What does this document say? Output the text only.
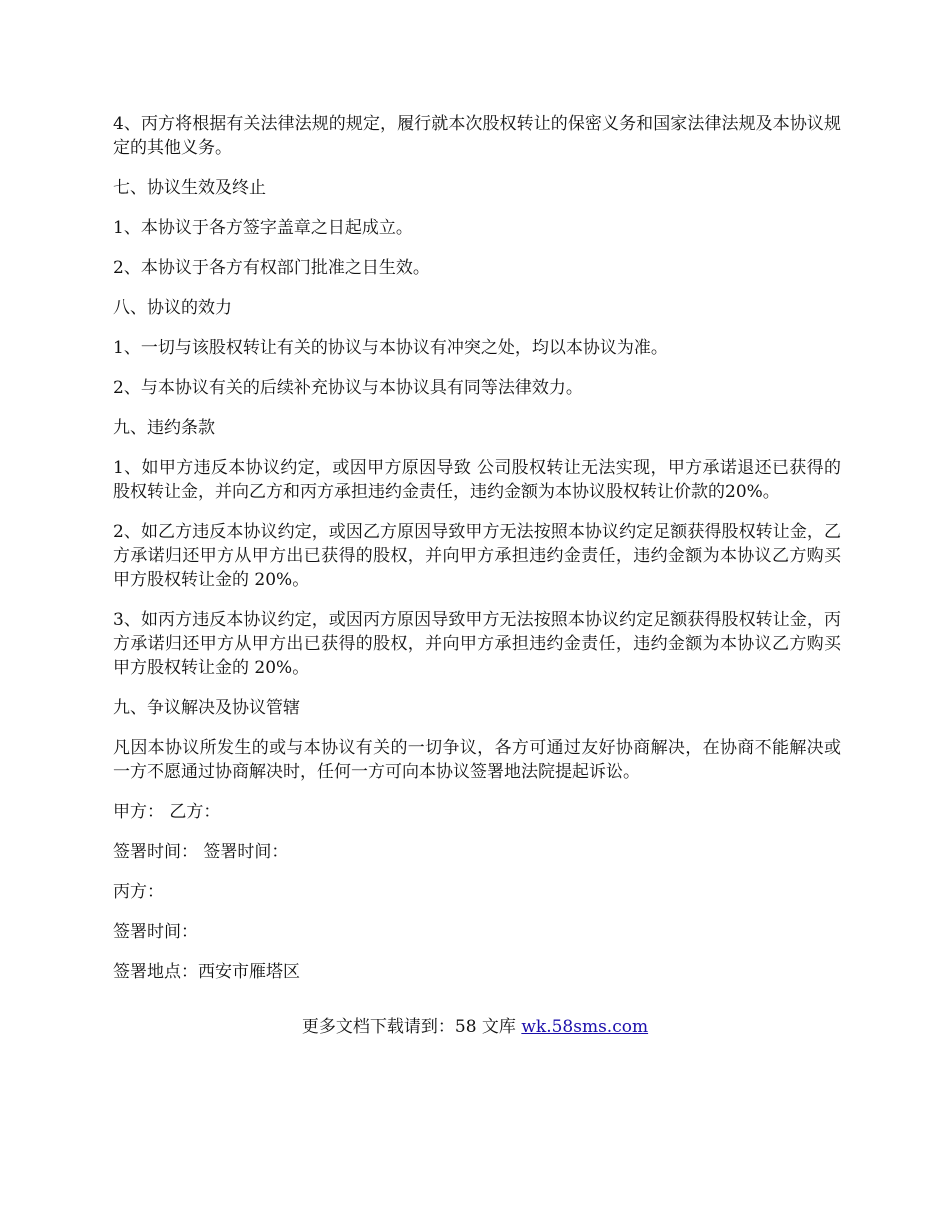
4、丙方将根据有关法律法规的规定，履行就本次股权转让的保密义务和国家法律法规及本协议规定的其他义务。

七、协议生效及终止

1、本协议于各方签字盖章之日起成立。

2、本协议于各方有权部门批准之日生效。

八、协议的效力

1、一切与该股权转让有关的协议与本协议有冲突之处，均以本协议为准。

2、与本协议有关的后续补充协议与本协议具有同等法律效力。

九、违约条款

1、如甲方违反本协议约定，或因甲方原因导致 公司股权转让无法实现，甲方承诺退还已获得的股权转让金，并向乙方和丙方承担违约金责任，违约金额为本协议股权转让价款的20%。

2、如乙方违反本协议约定，或因乙方原因导致甲方无法按照本协议约定足额获得股权转让金，乙方承诺归还甲方从甲方出已获得的股权，并向甲方承担违约金责任，违约金额为本协议乙方购买甲方股权转让金的 20%。

3、如丙方违反本协议约定，或因丙方原因导致甲方无法按照本协议约定足额获得股权转让金，丙方承诺归还甲方从甲方出已获得的股权，并向甲方承担违约金责任，违约金额为本协议乙方购买甲方股权转让金的 20%。

九、争议解决及协议管辖

凡因本协议所发生的或与本协议有关的一切争议，各方可通过友好协商解决，在协商不能解决或一方不愿通过协商解决时，任何一方可向本协议签署地法院提起诉讼。

甲方： 乙方：

签署时间： 签署时间：

丙方：

签署时间：

签署地点：西安市雁塔区

更多文档下载请到：58 文库 wk.58sms.com
